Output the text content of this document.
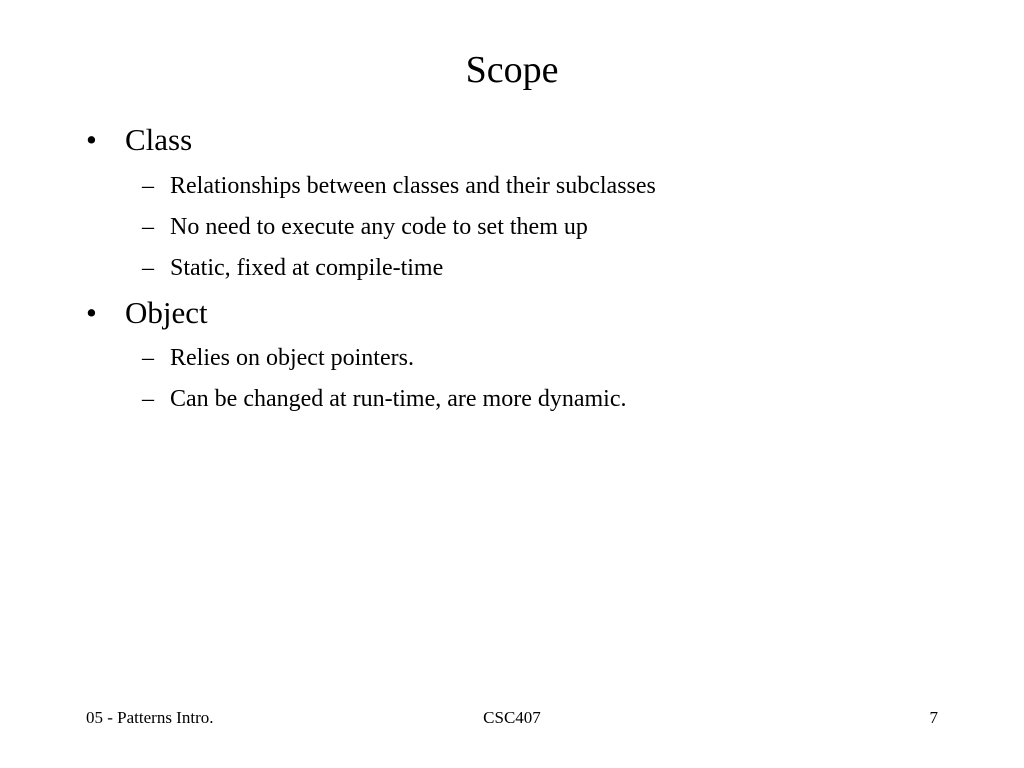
Scope
• Class
– Relationships between classes and their subclasses
– No need to execute any code to set them up
– Static, fixed at compile-time
• Object
– Relies on object pointers.
– Can be changed at run-time, are more dynamic.
05 - Patterns Intro.	CSC407	7
